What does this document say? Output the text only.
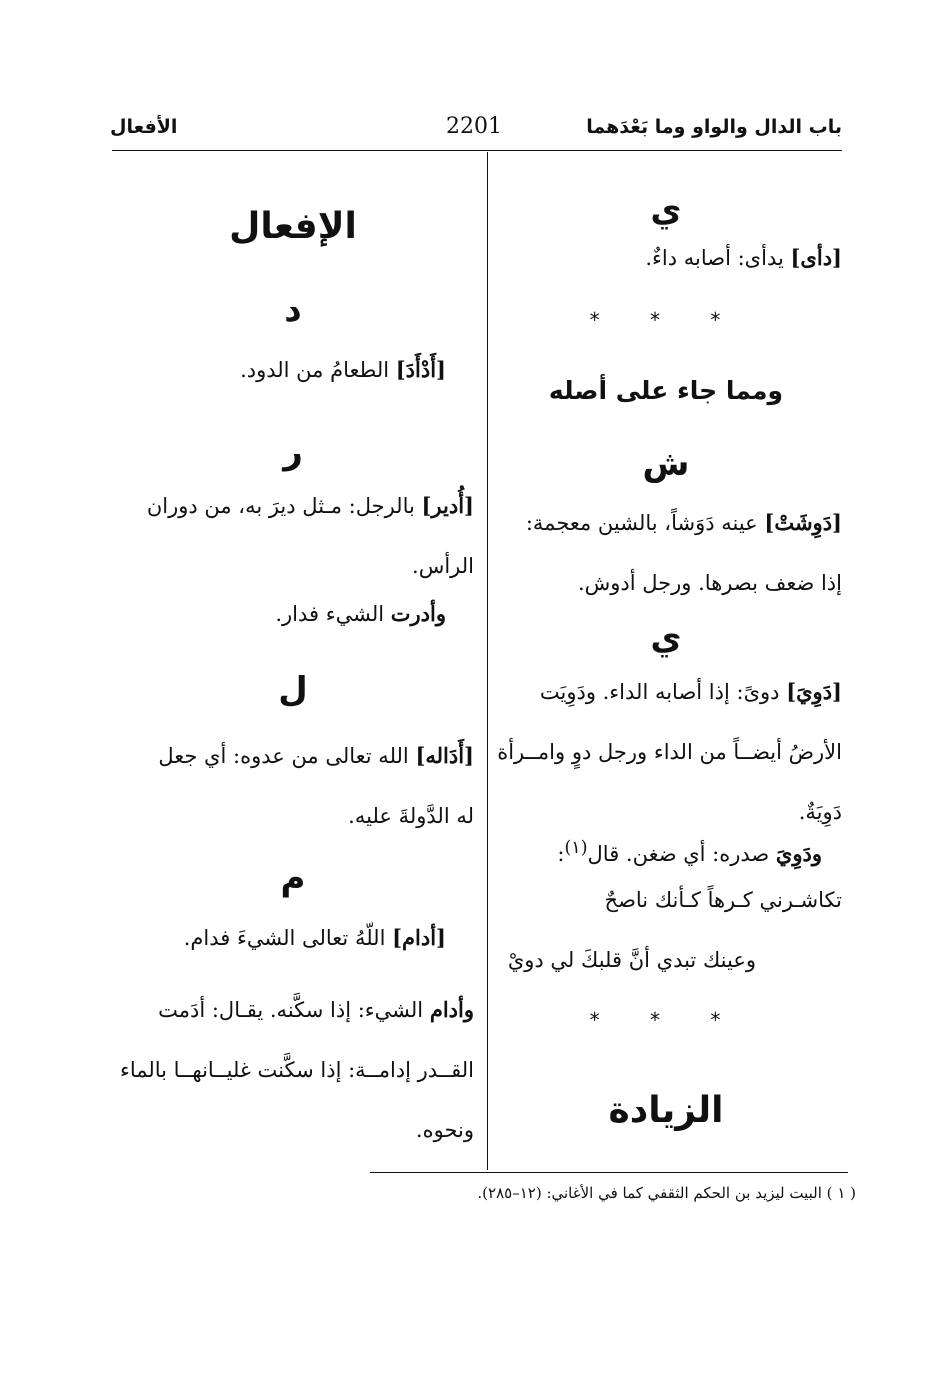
باب الدال والواو وما بَعْدَهما
2201
الأفعال
ي
[دأى] يدأى: أصابه داءٌ.
* * *
ومما جاء على أصله
ش
[دَوِشَتْ] عينه دَوَشاً، بالشين معجمة:
إذا ضعف بصرها. ورجل أدوش.
ي
[دَوِيَ] دوىً: إذا أصابه الداء. ودَوِيَت
الأرضُ أيضــاً من الداء ورجل دوٍ وامــرأة
دَوِيَةٌ.
ودَوِيَ صدره: أي ضغن. قال$^{(١)}$:
تكاشـرني كـرهاً كـأنك ناصحٌ
وعينك تبدي أنَّ قلبكَ لي دويْ
* * *
الزيادة
الإفعال
د
[أَدْأَدَ] الطعامُ من الدود.
ر
[أُدير] بالرجل: مـثل ديرَ به، من دوران
الرأس.
وأدرت الشيء فدار.
ل
[أَدَاله] الله تعالى من عدوه: أي جعل
له الدَّولةَ عليه.
م
[أدام] اللّهُ تعالى الشيءَ فدام.
وأدام الشيء: إذا سكَّنه. يقـال: أدَمت
القــدر إدامــة: إذا سكَّنت غليــانهــا بالماء
ونحوه.
( ١ ) البيت ليزيد بن الحكم الثقفي كما في الأغاني: (١٢–٢٨٥).
